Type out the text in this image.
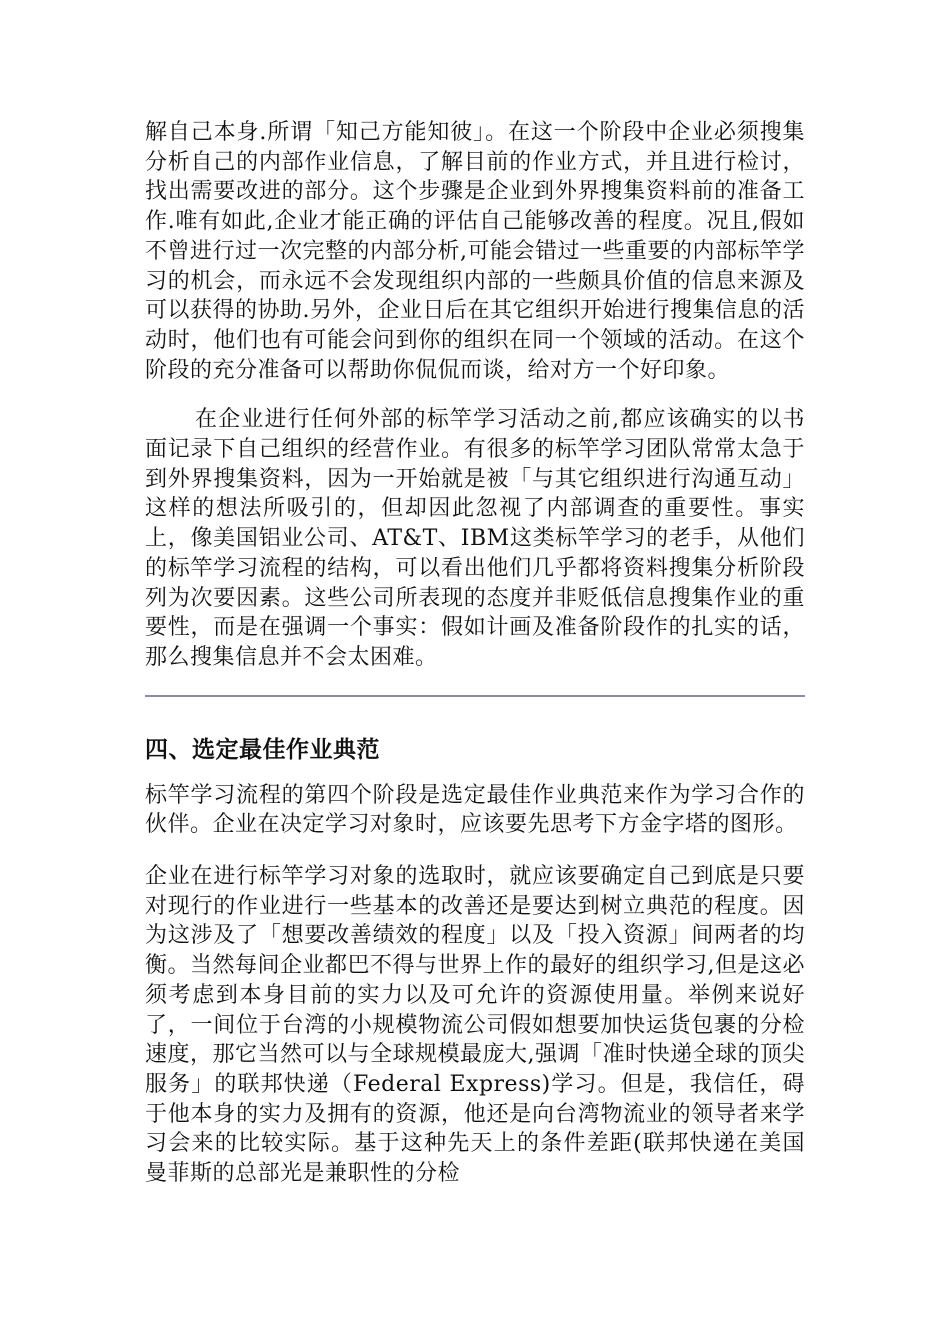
解自己本身.所谓「知己方能知彼」。在这一个阶段中企业必须搜集分析自己的内部作业信息，了解目前的作业方式，并且进行检讨，找出需要改进的部分。这个步骤是企业到外界搜集资料前的准备工作.唯有如此,企业才能正确的评估自己能够改善的程度。况且,假如不曾进行过一次完整的内部分析,可能会错过一些重要的内部标竿学习的机会，而永远不会发现组织内部的一些颇具价值的信息来源及可以获得的协助.另外，企业日后在其它组织开始进行搜集信息的活动时，他们也有可能会问到你的组织在同一个领域的活动。在这个阶段的充分准备可以帮助你侃侃而谈，给对方一个好印象。

在企业进行任何外部的标竿学习活动之前,都应该确实的以书面记录下自己组织的经营作业。有很多的标竿学习团队常常太急于到外界搜集资料，因为一开始就是被「与其它组织进行沟通互动」这样的想法所吸引的，但却因此忽视了内部调查的重要性。事实上，像美国铝业公司、AT&T、IBM这类标竿学习的老手，从他们的标竿学习流程的结构，可以看出他们几乎都将资料搜集分析阶段列为次要因素。这些公司所表现的态度并非贬低信息搜集作业的重要性，而是在强调一个事实：假如计画及准备阶段作的扎实的话，那么搜集信息并不会太困难。

四、选定最佳作业典范

标竿学习流程的第四个阶段是选定最佳作业典范来作为学习合作的伙伴。企业在决定学习对象时，应该要先思考下方金字塔的图形。

企业在进行标竿学习对象的选取时，就应该要确定自己到底是只要对现行的作业进行一些基本的改善还是要达到树立典范的程度。因为这涉及了「想要改善绩效的程度」以及「投入资源」间两者的均衡。当然每间企业都巴不得与世界上作的最好的组织学习,但是这必须考虑到本身目前的实力以及可允许的资源使用量。举例来说好了，一间位于台湾的小规模物流公司假如想要加快运货包裹的分检速度，那它当然可以与全球规模最庞大,强调「准时快递全球的顶尖服务」的联邦快递（Federal Express)学习。但是，我信任，碍于他本身的实力及拥有的资源，他还是向台湾物流业的领导者来学习会来的比较实际。基于这种先天上的条件差距(联邦快递在美国曼菲斯的总部光是兼职性的分检
